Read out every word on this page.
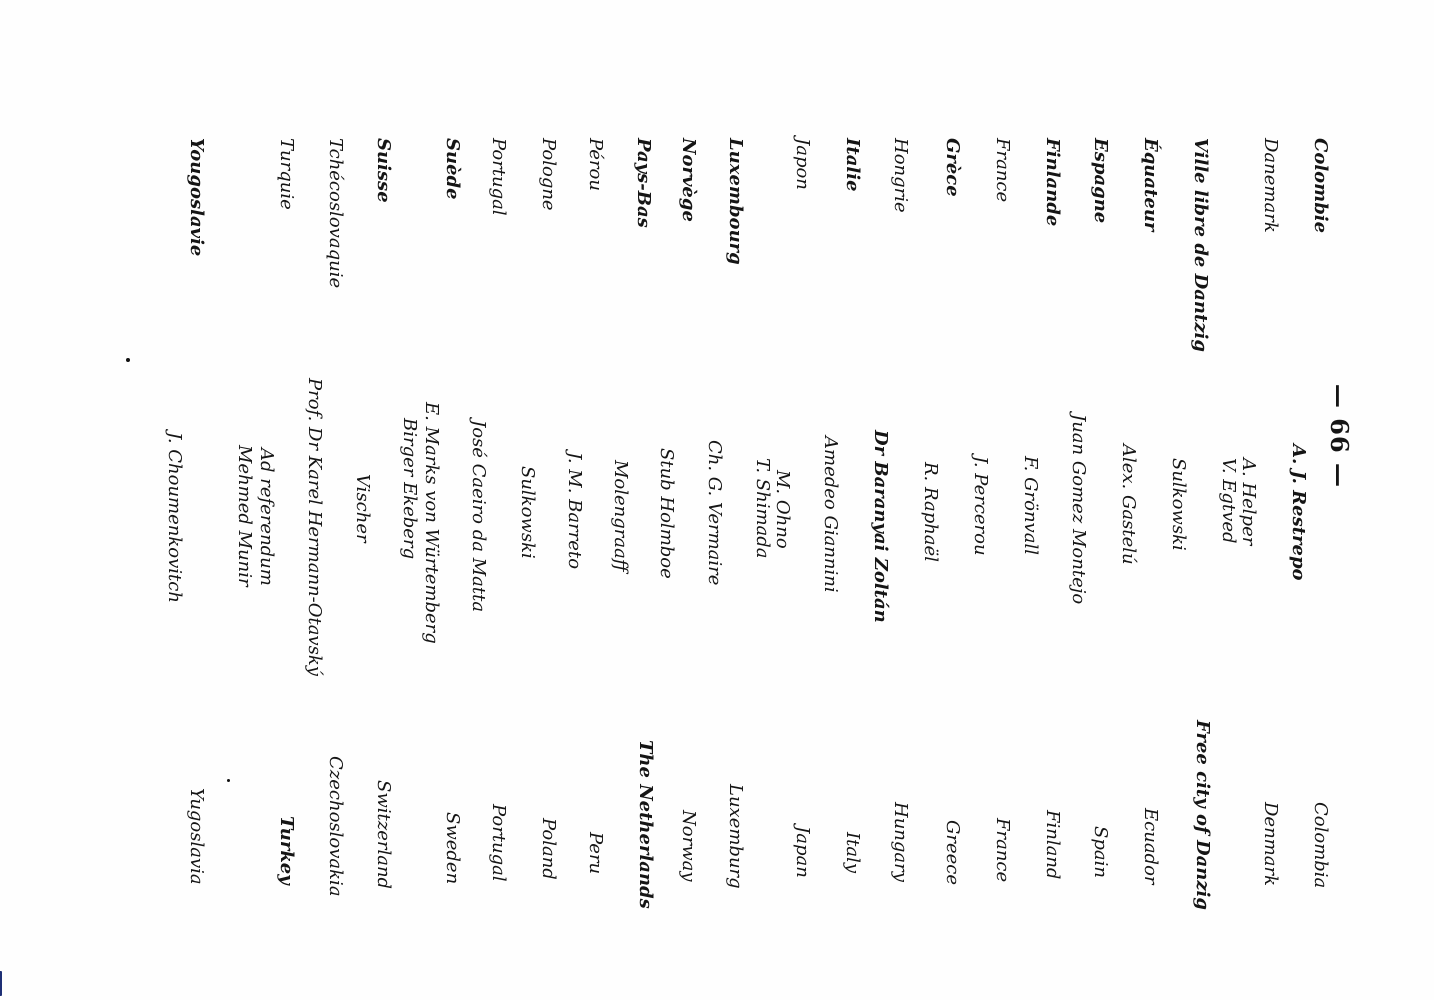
— 66 —
Colombie
Danemark
Ville libre de Dantzig
Équateur
Espagne
Finlande
France
Grèce
Hongrie
Italie
Japon
Luxembourg
Norvège
Pays-Bas
Pérou
Pologne
Portugal
Suède
Suisse
Tchécoslovaquie
Turquie
Yougoslavie
A. J. Restrepo
A. Helper
V. Egtved
Sulkowski
Alex. Gastelú
Juan Gomez Montejo
F. Grönvall
J. Percerou
R. Raphaël
Dr Baranyai Zoltán
Amedeo Giannini
M. Ohno
T. Shimada
Ch. G. Vermaire
Stub Holmboe
Molengraaff
J. M. Barreto
Sulkowski
José Caeiro da Matta
E. Marks von Würtemberg
Birger Ekeberg
Vischer
Prof. Dr Karel Hermann-Otavský
Ad referendum
Mehmed Munir
J. Choumenkovitch
Colombia
Denmark
Free city of Danzig
Ecuador
Spain
Finland
France
Greece
Hungary
Italy
Japan
Luxemburg
Norway
The Netherlands
Peru
Poland
Portugal
Sweden
Switzerland
Czechoslovakia
Turkey
Yugoslavia
